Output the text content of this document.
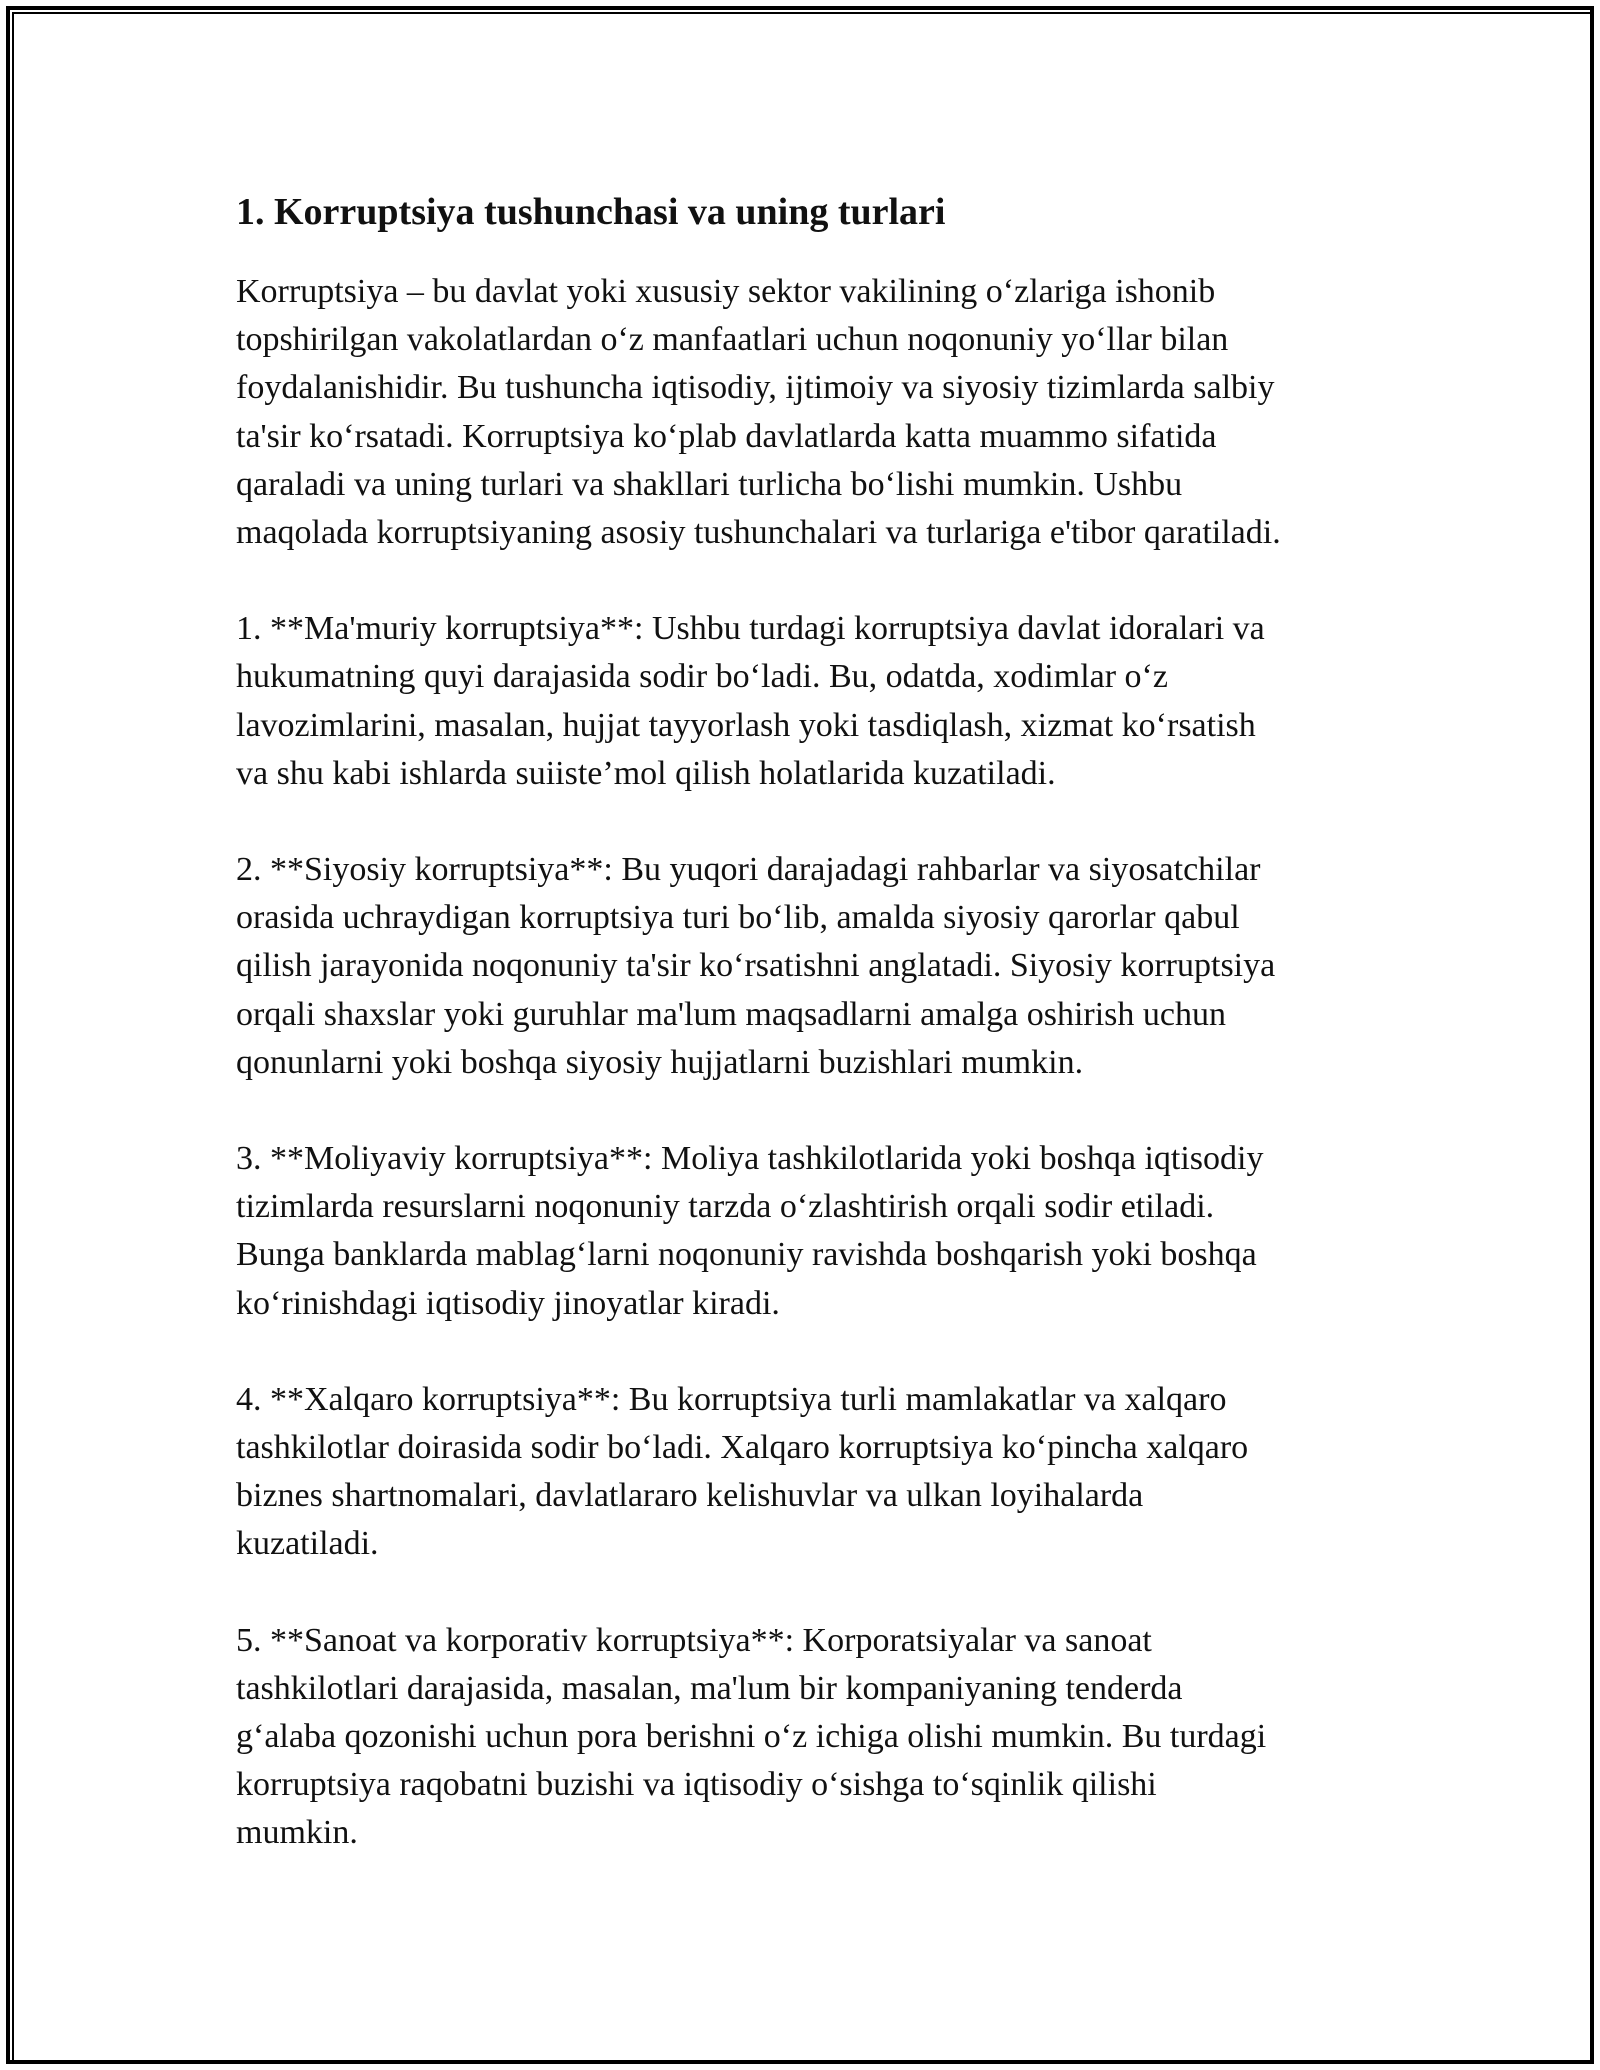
1. Korruptsiya tushunchasi va uning turlari

Korruptsiya – bu davlat yoki xususiy sektor vakilining o‘zlariga ishonib
topshirilgan vakolatlardan o‘z manfaatlari uchun noqonuniy yo‘llar bilan
foydalanishidir. Bu tushuncha iqtisodiy, ijtimoiy va siyosiy tizimlarda salbiy
ta'sir ko‘rsatadi. Korruptsiya ko‘plab davlatlarda katta muammo sifatida
qaraladi va uning turlari va shakllari turlicha bo‘lishi mumkin. Ushbu
maqolada korruptsiyaning asosiy tushunchalari va turlariga e'tibor qaratiladi.

1. **Ma'muriy korruptsiya**: Ushbu turdagi korruptsiya davlat idoralari va
hukumatning quyi darajasida sodir bo‘ladi. Bu, odatda, xodimlar o‘z
lavozimlarini, masalan, hujjat tayyorlash yoki tasdiqlash, xizmat ko‘rsatish
va shu kabi ishlarda suiiste’mol qilish holatlarida kuzatiladi.

2. **Siyosiy korruptsiya**: Bu yuqori darajadagi rahbarlar va siyosatchilar
orasida uchraydigan korruptsiya turi bo‘lib, amalda siyosiy qarorlar qabul
qilish jarayonida noqonuniy ta'sir ko‘rsatishni anglatadi. Siyosiy korruptsiya
orqali shaxslar yoki guruhlar ma'lum maqsadlarni amalga oshirish uchun
qonunlarni yoki boshqa siyosiy hujjatlarni buzishlari mumkin.

3. **Moliyaviy korruptsiya**: Moliya tashkilotlarida yoki boshqa iqtisodiy
tizimlarda resurslarni noqonuniy tarzda o‘zlashtirish orqali sodir etiladi.
Bunga banklarda mablag‘larni noqonuniy ravishda boshqarish yoki boshqa
ko‘rinishdagi iqtisodiy jinoyatlar kiradi.

4. **Xalqaro korruptsiya**: Bu korruptsiya turli mamlakatlar va xalqaro
tashkilotlar doirasida sodir bo‘ladi. Xalqaro korruptsiya ko‘pincha xalqaro
biznes shartnomalari, davlatlararo kelishuvlar va ulkan loyihalarda
kuzatiladi.

5. **Sanoat va korporativ korruptsiya**: Korporatsiyalar va sanoat
tashkilotlari darajasida, masalan, ma'lum bir kompaniyaning tenderda
g‘alaba qozonishi uchun pora berishni o‘z ichiga olishi mumkin. Bu turdagi
korruptsiya raqobatni buzishi va iqtisodiy o‘sishga to‘sqinlik qilishi
mumkin.
